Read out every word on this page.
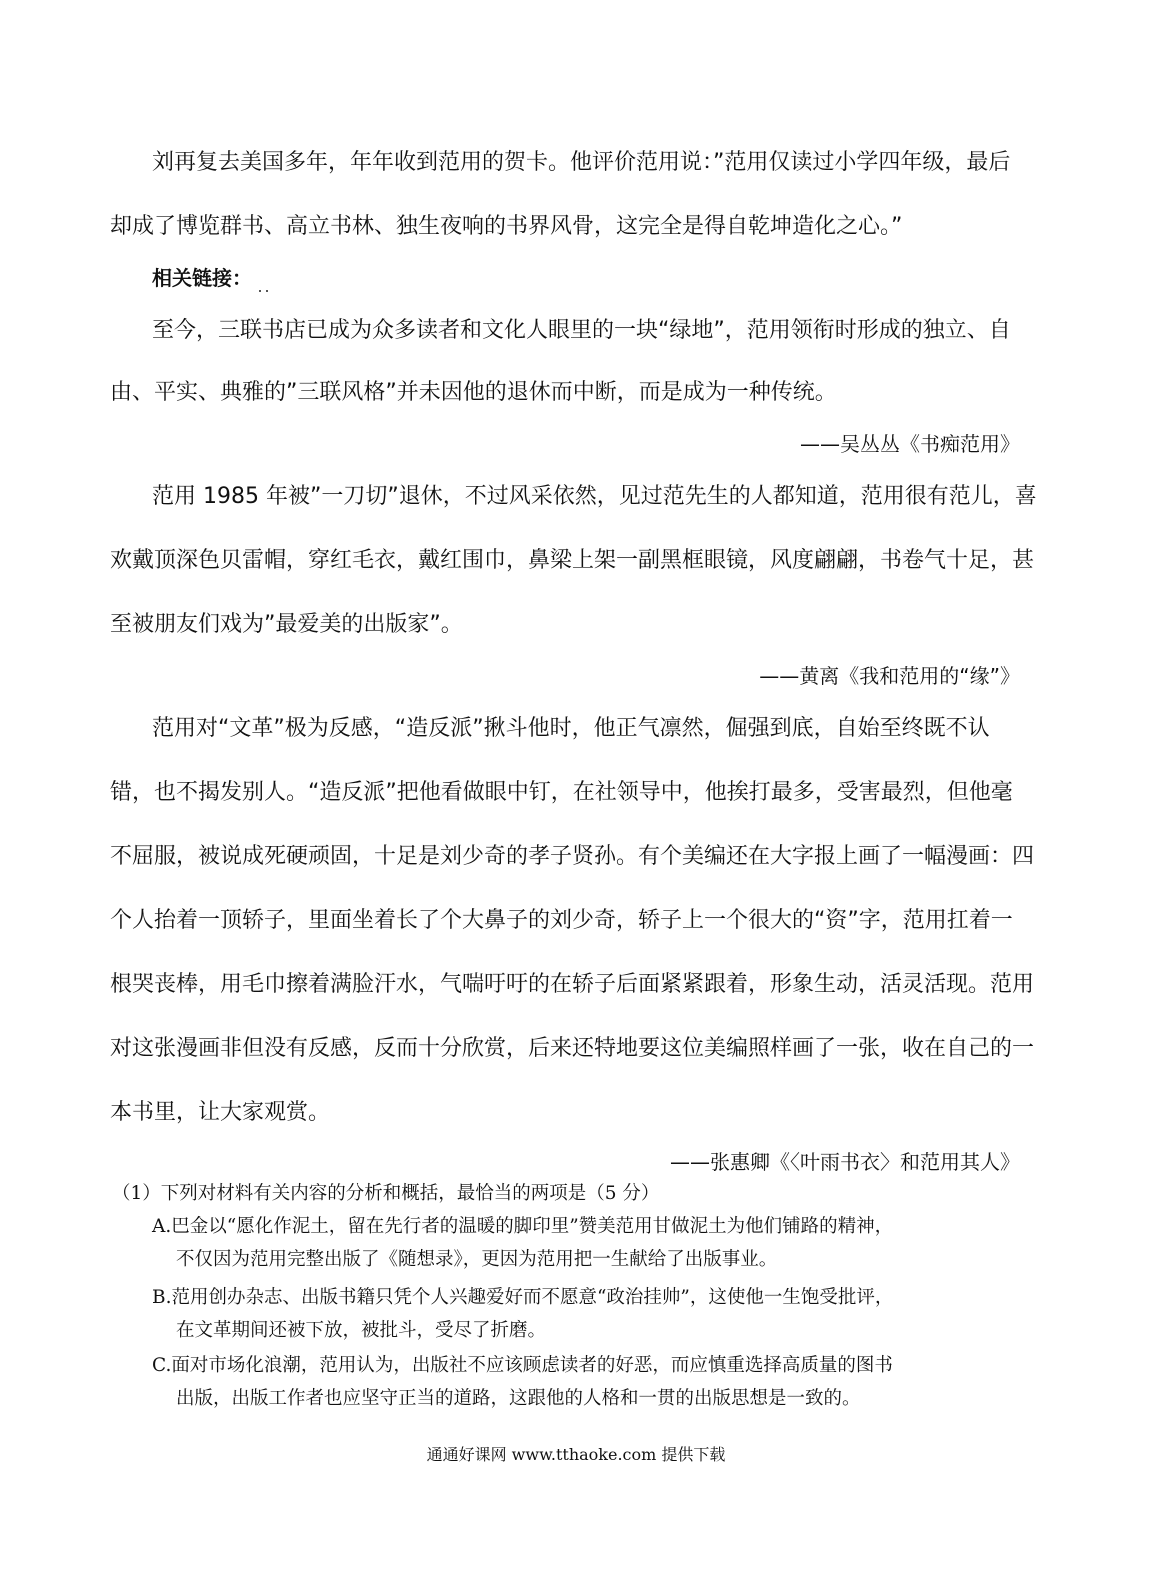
刘再复去美国多年，年年收到范用的贺卡。他评价范用说：”范用仅读过小学四年级，最后
却成了博览群书、高立书林、独生夜响的书界风骨，这完全是得自乾坤造化之心。”
相关链接：
至今，三联书店已成为众多读者和文化人眼里的一块“绿地”，范用领衔时形成的独立、自
由、平实、典雅的”三联风格”并未因他的退休而中断，而是成为一种传统。
——吴丛丛《书痴范用》
范用 1985 年被”一刀切”退休，不过风采依然，见过范先生的人都知道，范用很有范儿，喜
欢戴顶深色贝雷帽，穿红毛衣，戴红围巾，鼻梁上架一副黑框眼镜，风度翩翩，书卷气十足，甚
至被朋友们戏为”最爱美的出版家”。
——黄离《我和范用的“缘”》
范用对“文革”极为反感，“造反派”揪斗他时，他正气凛然，倔强到底，自始至终既不认
错，也不揭发别人。“造反派”把他看做眼中钉，在社领导中，他挨打最多，受害最烈，但他毫
不屈服，被说成死硬顽固，十足是刘少奇的孝子贤孙。有个美编还在大字报上画了一幅漫画：四
个人抬着一顶轿子，里面坐着长了个大鼻子的刘少奇，轿子上一个很大的“资”字，范用扛着一
根哭丧棒，用毛巾擦着满脸汗水，气喘吁吁的在轿子后面紧紧跟着，形象生动，活灵活现。范用
对这张漫画非但没有反感，反而十分欣赏，后来还特地要这位美编照样画了一张，收在自己的一
本书里，让大家观赏。
——张惠卿《〈叶雨书衣〉和范用其人》
（1）下列对材料有关内容的分析和概括，最恰当的两项是（5 分）
A.巴金以“愿化作泥土，留在先行者的温暖的脚印里”赞美范用甘做泥土为他们铺路的精神，
不仅因为范用完整出版了《随想录》，更因为范用把一生献给了出版事业。
B.范用创办杂志、出版书籍只凭个人兴趣爱好而不愿意“政治挂帅”，这使他一生饱受批评，
在文革期间还被下放，被批斗，受尽了折磨。
C.面对市场化浪潮，范用认为，出版社不应该顾虑读者的好恶，而应慎重选择高质量的图书
出版，出版工作者也应坚守正当的道路，这跟他的人格和一贯的出版思想是一致的。
通通好课网 www.tthaoke.com 提供下载
